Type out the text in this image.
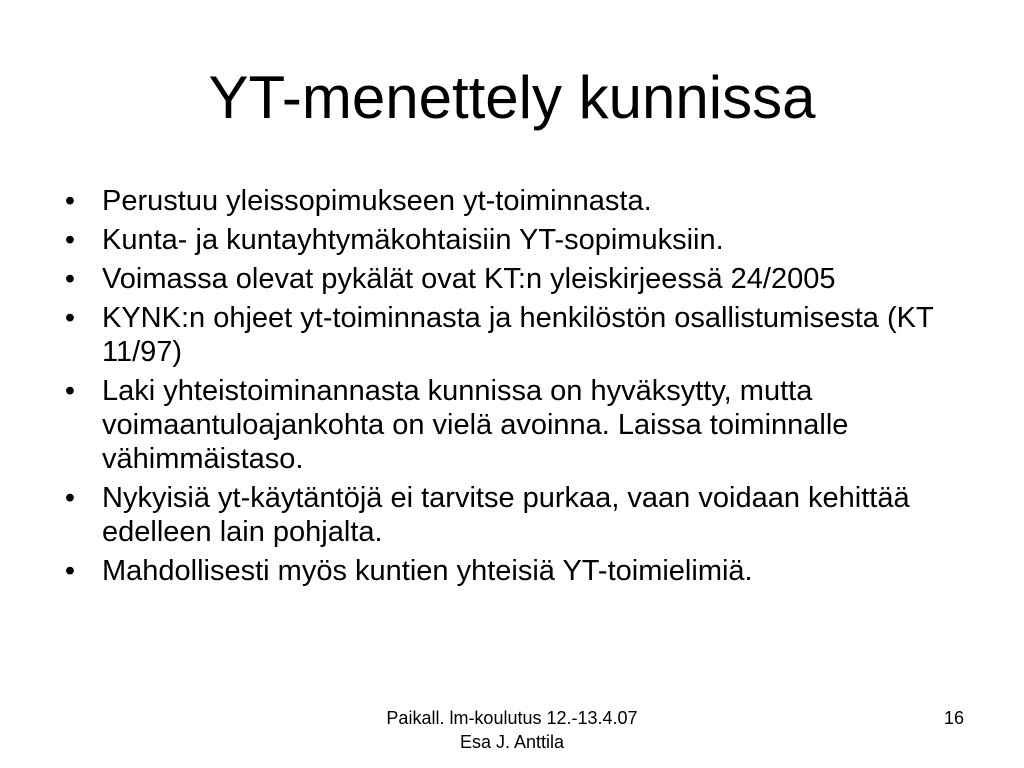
YT-menettely kunnissa
• Perustuu yleissopimukseen yt-toiminnasta.
• Kunta- ja kuntayhtymäkohtaisiin YT-sopimuksiin.
• Voimassa olevat pykälät ovat KT:n yleiskirjeessä 24/2005
• KYNK:n ohjeet yt-toiminnasta ja henkilöstön osallistumisesta (KT 11/97)
• Laki yhteistoiminannasta kunnissa on hyväksytty, mutta voimaantuloajankohta on vielä avoinna. Laissa toiminnalle vähimmäistaso.
• Nykyisiä yt-käytäntöjä ei tarvitse purkaa, vaan voidaan kehittää edelleen lain pohjalta.
• Mahdollisesti myös kuntien yhteisiä YT-toimielimiä.
Paikall. lm-koulutus 12.-13.4.07
Esa J. Anttila
16
